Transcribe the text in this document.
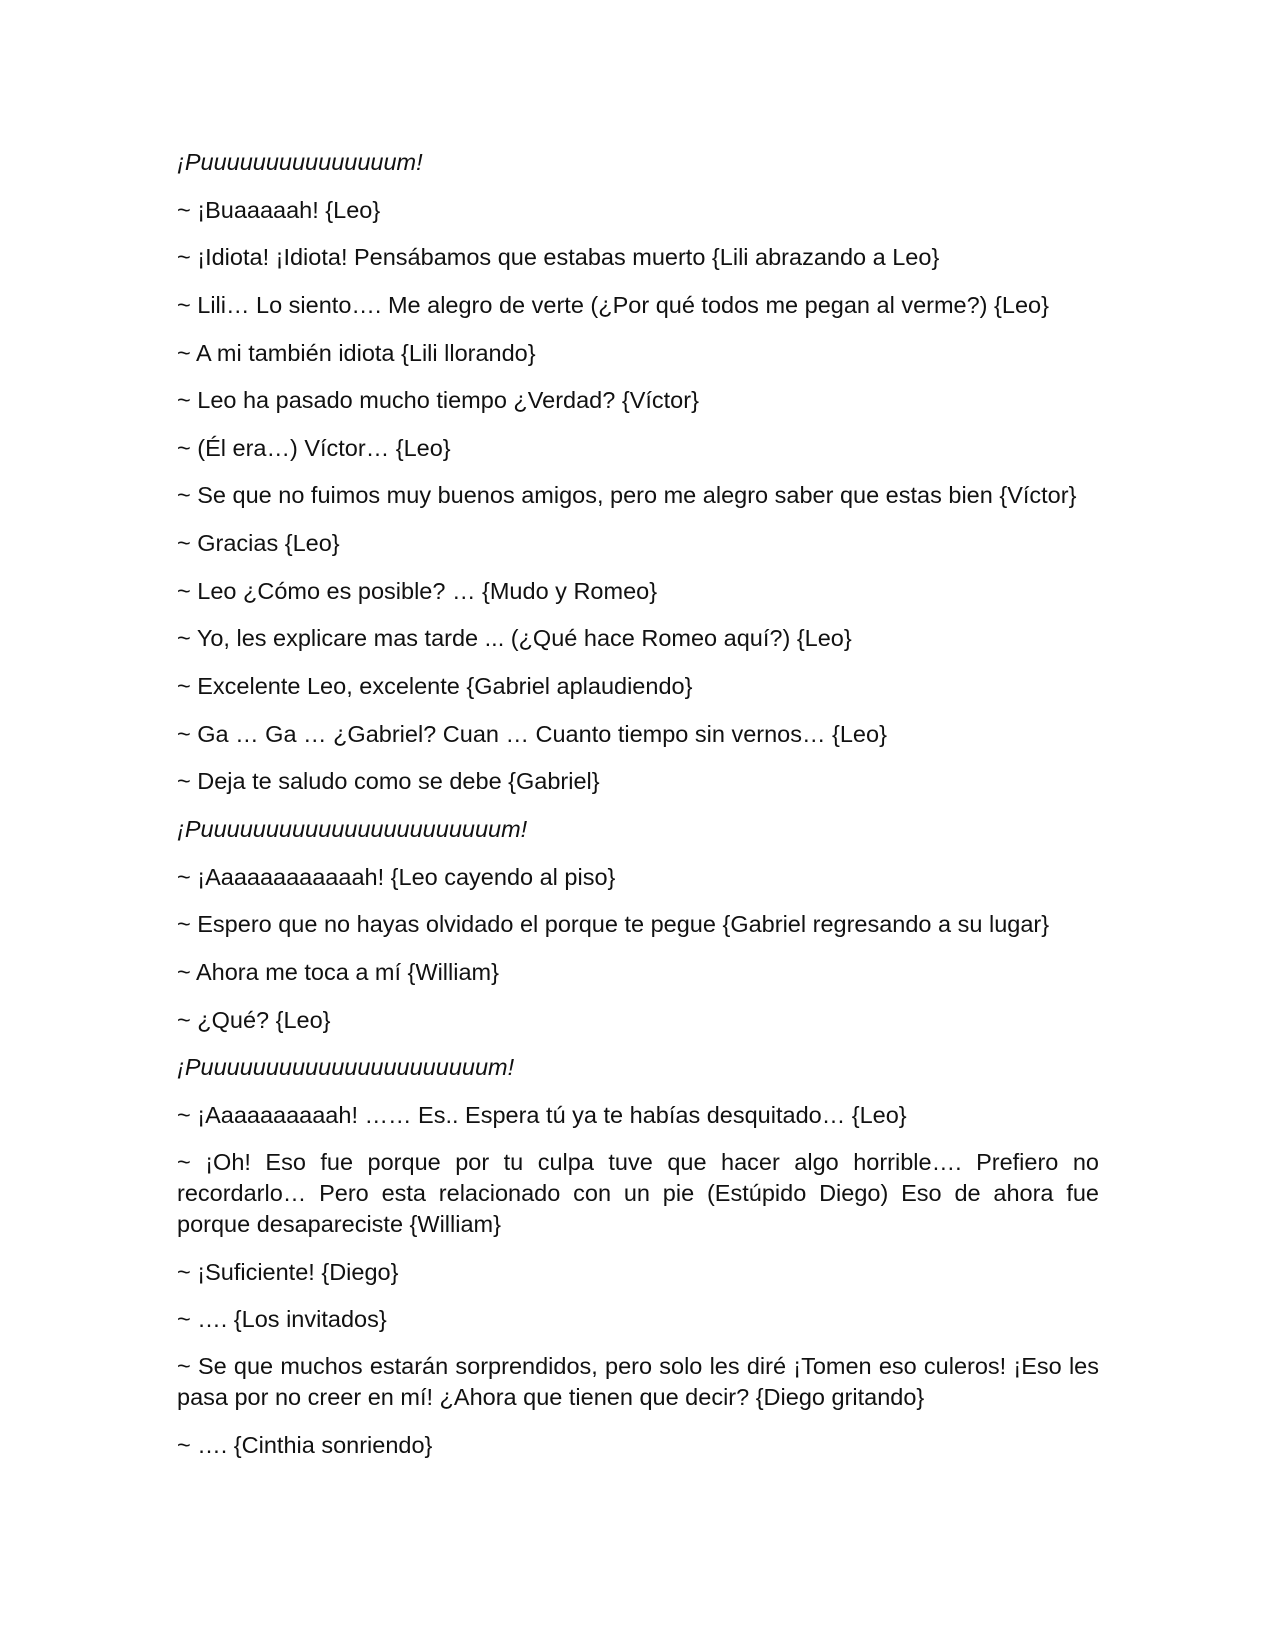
¡Puuuuuuuuuuuuuuum!

~ ¡Buaaaaah! {Leo}

~ ¡Idiota! ¡Idiota! Pensábamos que estabas muerto {Lili abrazando a Leo}

~ Lili… Lo siento…. Me alegro de verte (¿Por qué todos me pegan al verme?) {Leo}

~ A mi también idiota {Lili llorando}

~ Leo ha pasado mucho tiempo ¿Verdad? {Víctor}

~ (Él era…) Víctor… {Leo}

~ Se que no fuimos muy buenos amigos, pero me alegro saber que estas bien {Víctor}

~ Gracias {Leo}

~ Leo ¿Cómo es posible? … {Mudo y Romeo}

~ Yo, les explicare mas tarde ... (¿Qué hace Romeo aquí?) {Leo}

~ Excelente Leo, excelente {Gabriel aplaudiendo}

~ Ga … Ga … ¿Gabriel? Cuan … Cuanto tiempo sin vernos… {Leo}

~ Deja te saludo como se debe {Gabriel}

¡Puuuuuuuuuuuuuuuuuuuuuuum!

~ ¡Aaaaaaaaaaaah! {Leo cayendo al piso}

~ Espero que no hayas olvidado el porque te pegue {Gabriel regresando a su lugar}

~ Ahora me toca a mí {William}

~ ¿Qué? {Leo}

¡Puuuuuuuuuuuuuuuuuuuuuum!

~ ¡Aaaaaaaaaah! …… Es.. Espera tú ya te habías desquitado… {Leo}

~ ¡Oh! Eso fue porque por tu culpa tuve que hacer algo horrible…. Prefiero no recordarlo… Pero esta relacionado con un pie (Estúpido Diego) Eso de ahora fue porque desapareciste {William}

~ ¡Suficiente! {Diego}

~ …. {Los invitados}

~ Se que muchos estarán sorprendidos, pero solo les diré ¡Tomen eso culeros! ¡Eso les pasa por no creer en mí! ¿Ahora que tienen que decir? {Diego gritando}

~ …. {Cinthia sonriendo}
